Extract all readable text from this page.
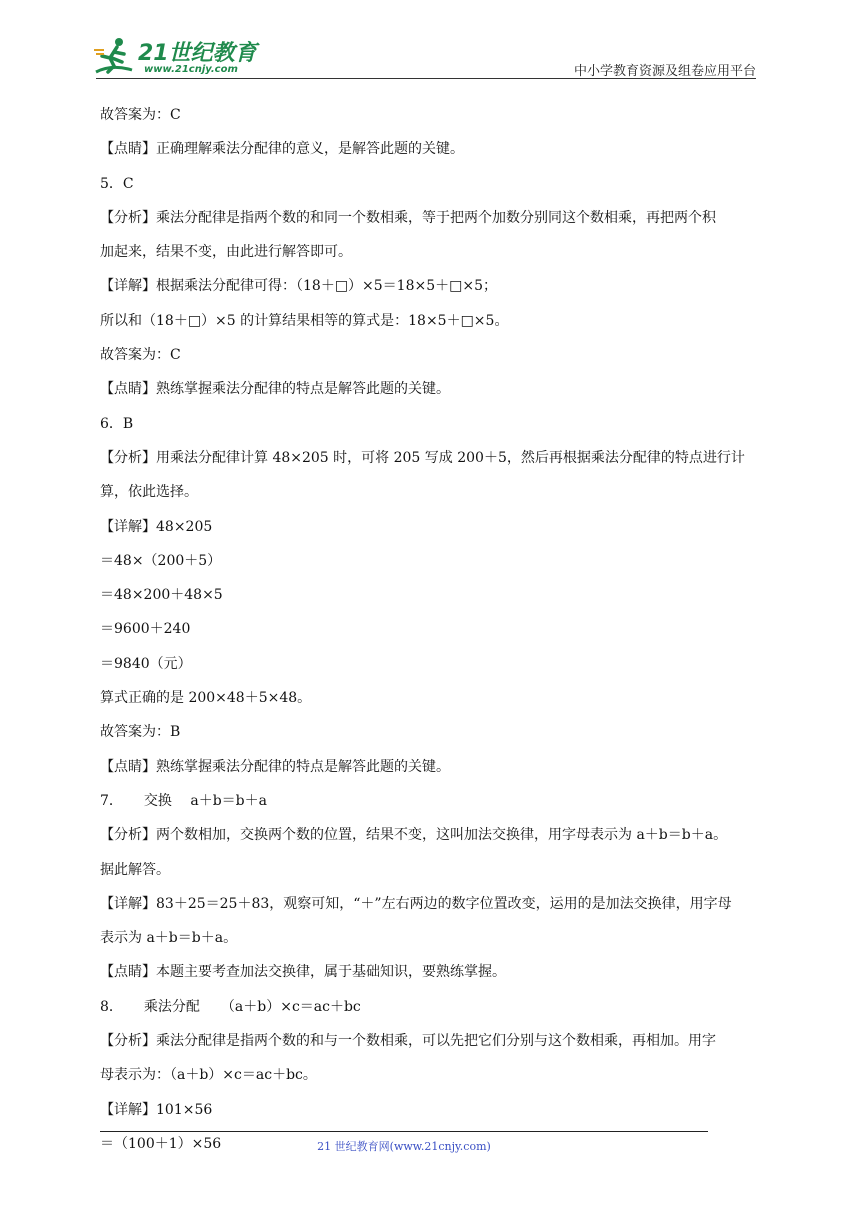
21世纪教育
www.21cnjy.com	中小学教育资源及组卷应用平台
故答案为：C
【点睛】正确理解乘法分配律的意义，是解答此题的关键。
5．C
【分析】乘法分配律是指两个数的和同一个数相乘，等于把两个加数分别同这个数相乘，再把两个积
加起来，结果不变，由此进行解答即可。
【详解】根据乘法分配律可得：（18＋□）×5＝18×5＋□×5；
所以和（18＋□）×5 的计算结果相等的算式是：18×5＋□×5。
故答案为：C
【点睛】熟练掌握乘法分配律的特点是解答此题的关键。
6．B
【分析】用乘法分配律计算 48×205 时，可将 205 写成 200＋5，然后再根据乘法分配律的特点进行计
算，依此选择。
【详解】48×205
＝48×（200＋5）
＝48×200＋48×5
＝9600＋240
＝9840（元）
算式正确的是 200×48＋5×48。
故答案为：B
【点睛】熟练掌握乘法分配律的特点是解答此题的关键。
7．　　交换　 a＋b＝b＋a
【分析】两个数相加，交换两个数的位置，结果不变，这叫加法交换律，用字母表示为 a＋b＝b＋a。
据此解答。
【详解】83＋25＝25＋83，观察可知，“＋”左右两边的数字位置改变，运用的是加法交换律，用字母
表示为 a＋b＝b＋a。
【点睛】本题主要考查加法交换律，属于基础知识，要熟练掌握。
8．　　乘法分配　　（a＋b）×c＝ac＋bc
【分析】乘法分配律是指两个数的和与一个数相乘，可以先把它们分别与这个数相乘，再相加。用字
母表示为：（a＋b）×c＝ac＋bc。
【详解】101×56
＝（100＋1）×56	21 世纪教育网(www.21cnjy.com)
